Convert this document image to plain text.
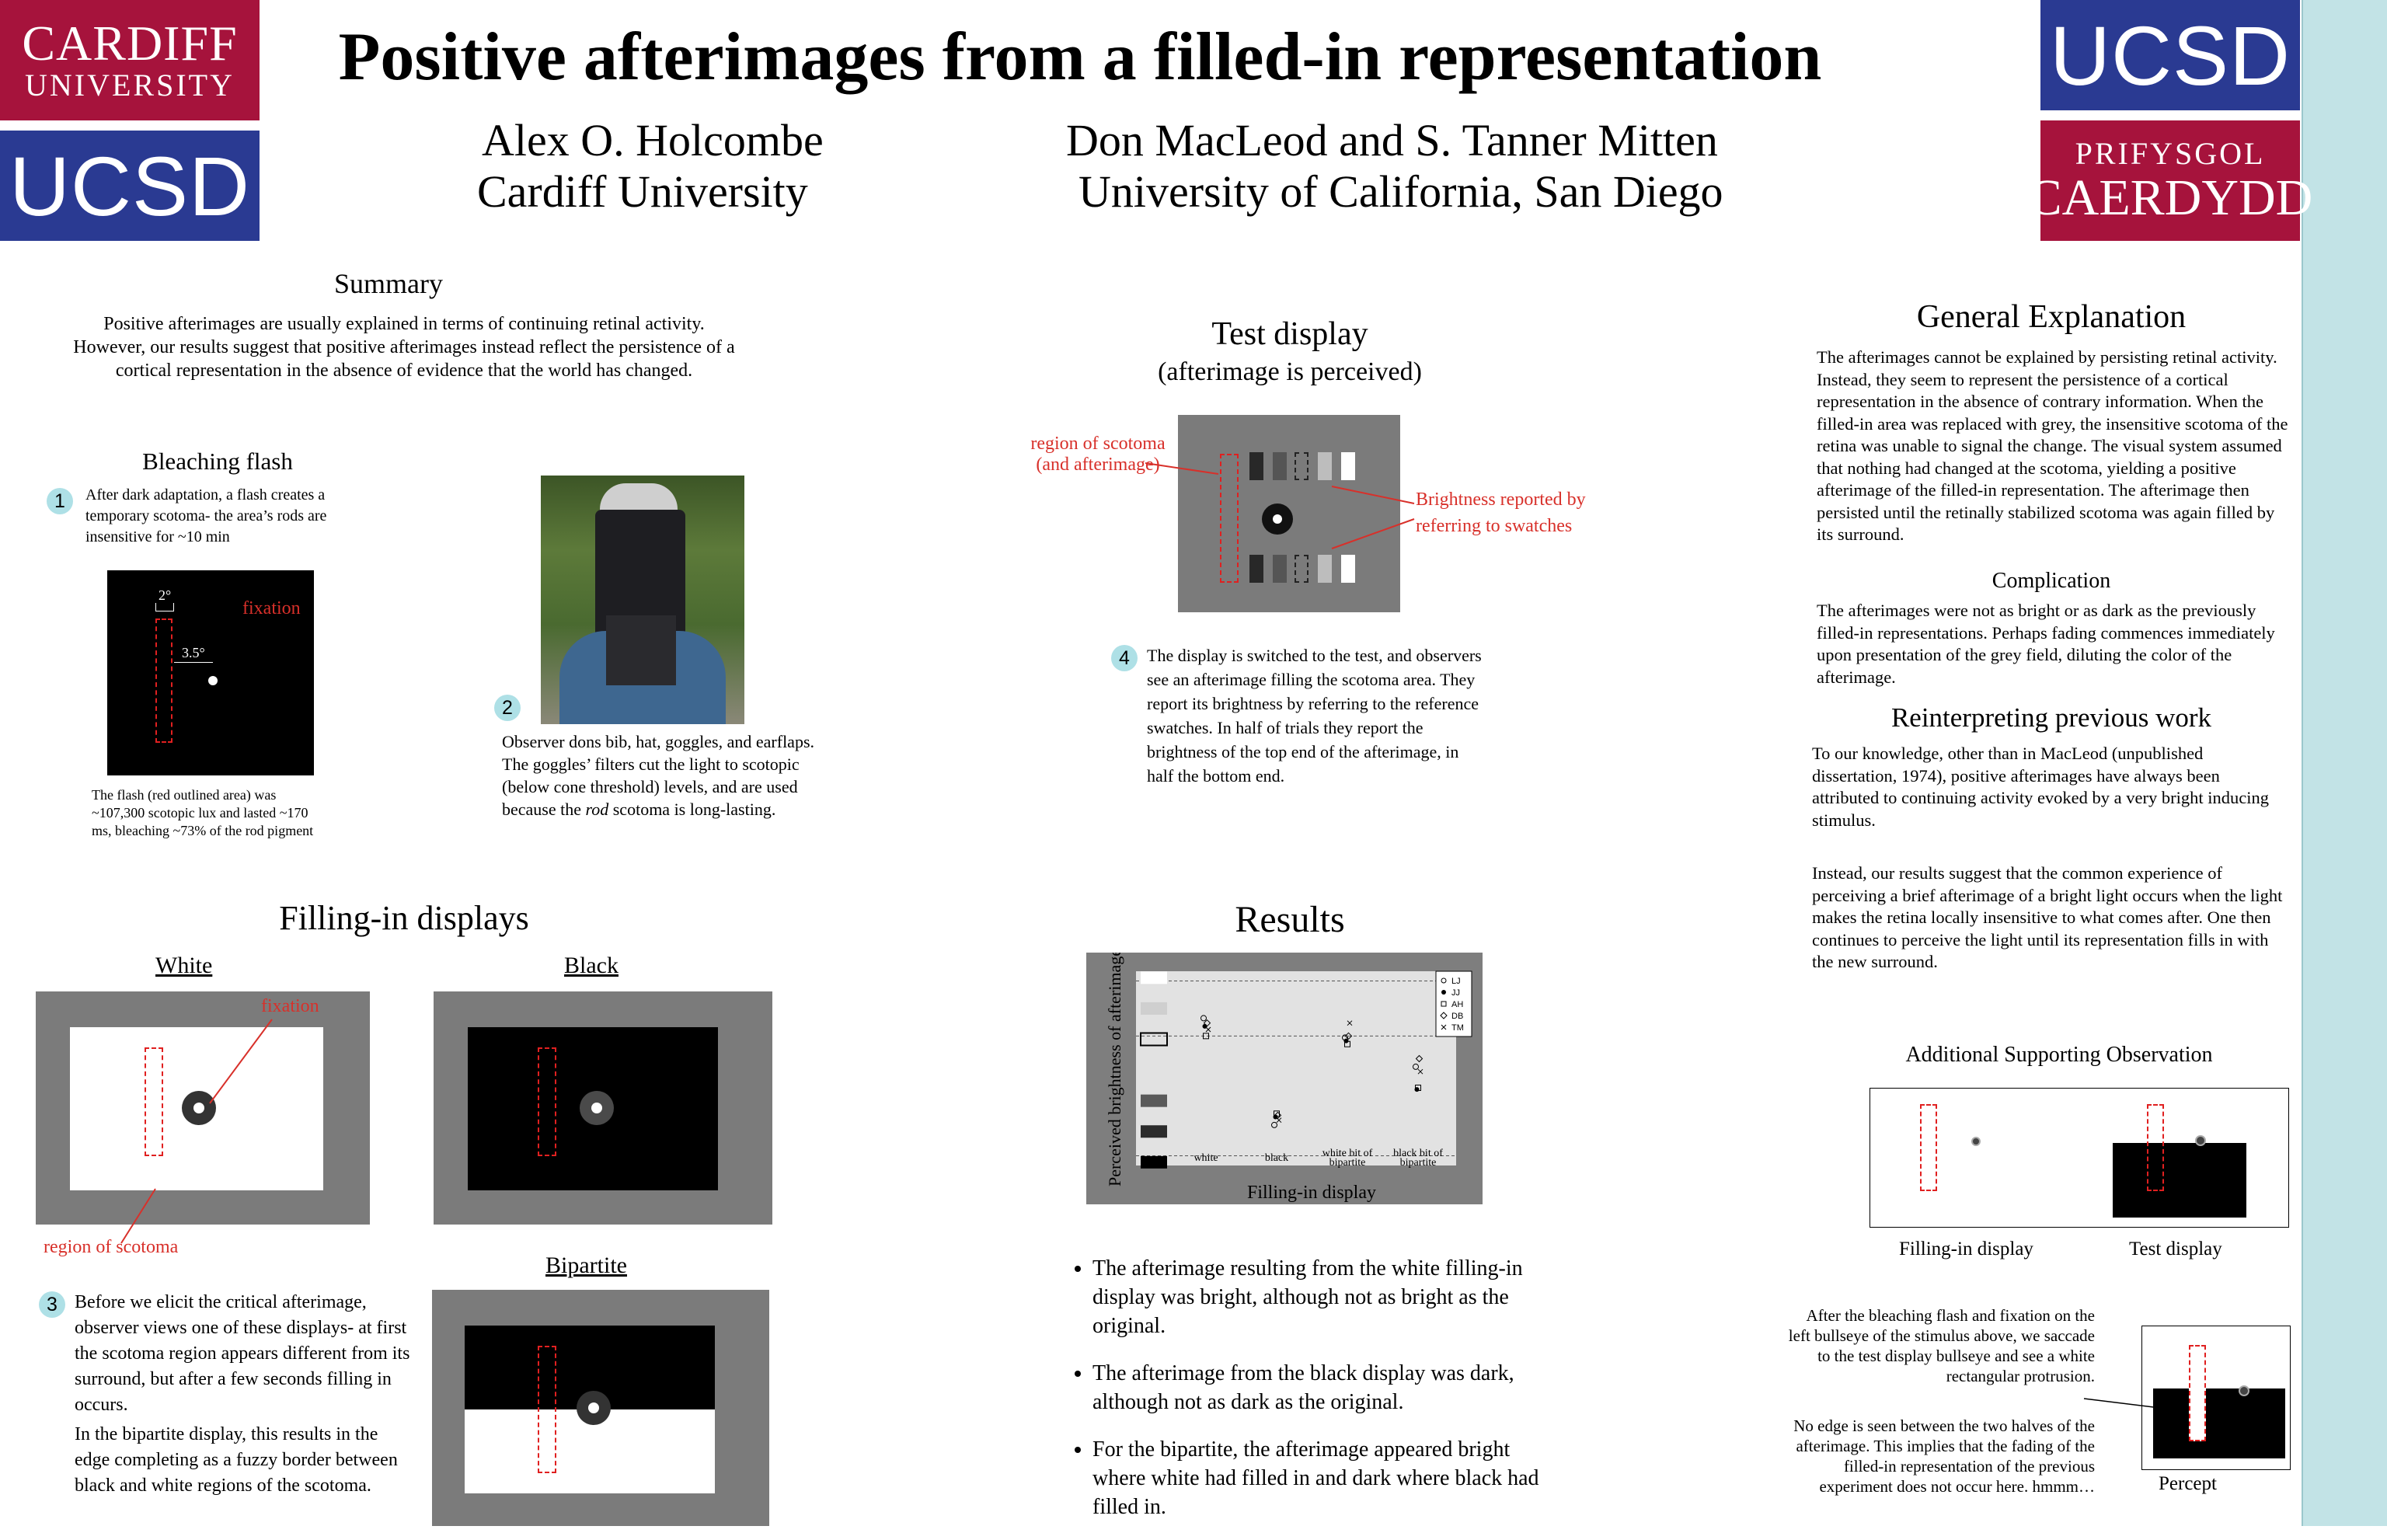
CARDIFF
UNIVERSITY
UCSD
UCSD
PRIFYSGOL
CAERDYDD
Positive afterimages from a filled-in representation
Alex O. Holcombe
Cardiff University
Don MacLeod and S. Tanner Mitten
University of California, San Diego
Summary

Positive afterimages are usually explained in terms of continuing retinal activity. However, our results suggest that positive afterimages instead reflect the persistence of a cortical representation in the absence of evidence that the world has changed.

Bleaching flash
1	After dark adaptation, a flash creates a temporary scotoma- the area’s rods are insensitive for ~10 min

2°
3.5°
fixation

The flash (red outlined area) was ~107,300 scotopic lux and lasted ~170 ms, bleaching ~73% of the rod pigment

2

Observer dons bib, hat, goggles, and earflaps. The goggles’ filters cut the light to scotopic (below cone threshold) levels, and are used because the rod scotoma is long-lasting.

Test display
(afterimage is perceived)
region of scotoma (and afterimage)
Brightness reported by referring to swatches
4	The display is switched to the test, and observers see an afterimage filling the scotoma area. They report its brightness by referring to the reference swatches. In half of trials they report the brightness of the top end of the afterimage, in half the bottom end.

Filling-in displays
White	Black
fixation
region of scotoma
Bipartite
3 Before we elicit the critical afterimage, observer views one of these displays- at first the scotoma region appears different from its surround, but after a few seconds filling in occurs.

In the bipartite display, this results in the edge completing as a fuzzy border between black and white regions of the scotoma.

Results
white	black	white bit of bipartite
black bit of bipartite
LJ
JJ
AH
DB
TM
Filling-in display
Perceived brightness of afterimage
• The afterimage resulting from the white filling-in display was bright, although not as bright as the original.
• The afterimage from the black display was dark, although not as dark as the original.
• For the bipartite, the afterimage appeared bright where white had filled in and dark where black had filled in.
General Explanation

The afterimages cannot be explained by persisting retinal activity. Instead, they seem to represent the persistence of a cortical representation in the absence of contrary information. When the filled-in area was replaced with grey, the insensitive scotoma of the retina was unable to signal the change. The visual system assumed that nothing had changed at the scotoma, yielding a positive afterimage of the filled-in representation. The afterimage then persisted until the retinally stabilized scotoma was again filled by its surround.

Complication

The afterimages were not as bright or as dark as the previously filled-in representations. Perhaps fading commences immediately upon presentation of the grey field, diluting the color of the afterimage.

Reinterpreting previous work

To our knowledge, other than in MacLeod (unpublished dissertation, 1974), positive afterimages have always been attributed to continuing activity evoked by a very bright inducing stimulus.

Instead, our results suggest that the common experience of perceiving a brief afterimage of a bright light occurs when the light makes the retina locally insensitive to what comes after. One then continues to perceive the light until its representation fills in with the new surround.

Additional Supporting Observation
Filling-in display	Test display

After the bleaching flash and fixation on the left bullseye of the stimulus above, we saccade to the test display bullseye and see a white rectangular protrusion.

No edge is seen between the two halves of the afterimage. This implies that the fading of the filled-in representation of the previous experiment does not occur here. hmmm…	Percept
